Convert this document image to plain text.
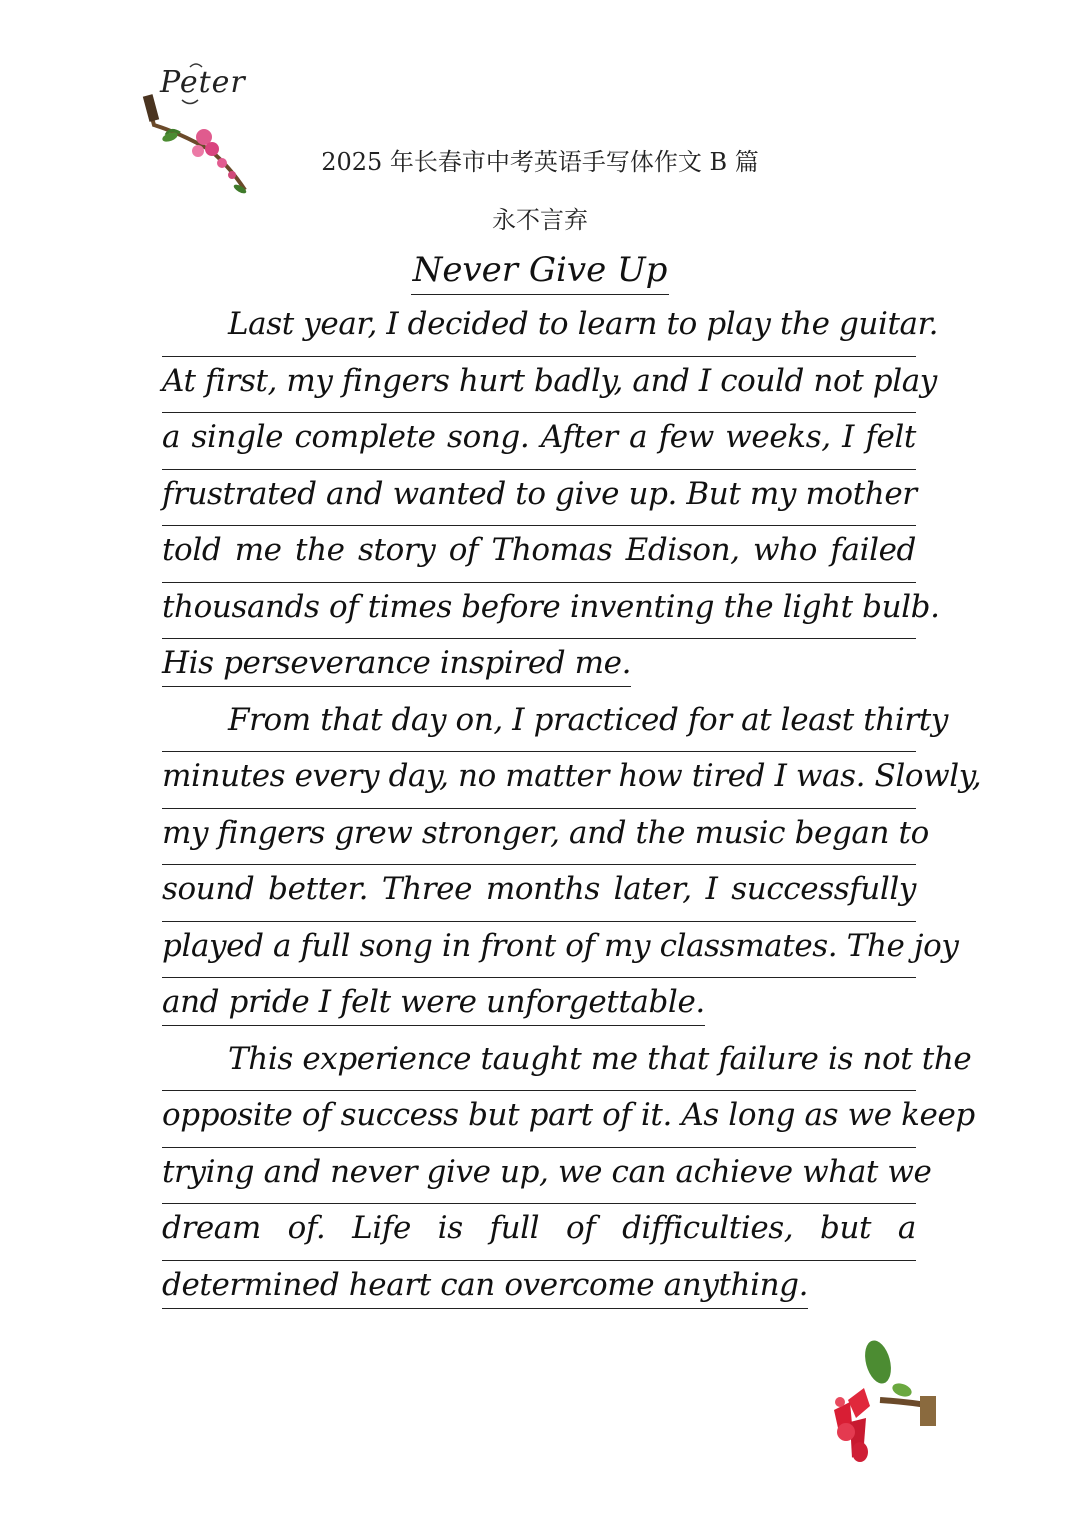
Peter
2025 年长春市中考英语手写体作文 B 篇
永不言弃
Never Give Up
Last year, I decided to learn to play the guitar.
At first, my fingers hurt badly, and I could not play
a single complete song. After a few weeks, I felt
frustrated and wanted to give up. But my mother
told me the story of Thomas Edison, who failed
thousands of times before inventing the light bulb.
His perseverance inspired me.
From that day on, I practiced for at least thirty
minutes every day, no matter how tired I was. Slowly,
my fingers grew stronger, and the music began to
sound better. Three months later, I successfully
played a full song in front of my classmates. The joy
and pride I felt were unforgettable.
This experience taught me that failure is not the
opposite of success but part of it. As long as we keep
trying and never give up, we can achieve what we
dream of. Life is full of difficulties, but a
determined heart can overcome anything.
